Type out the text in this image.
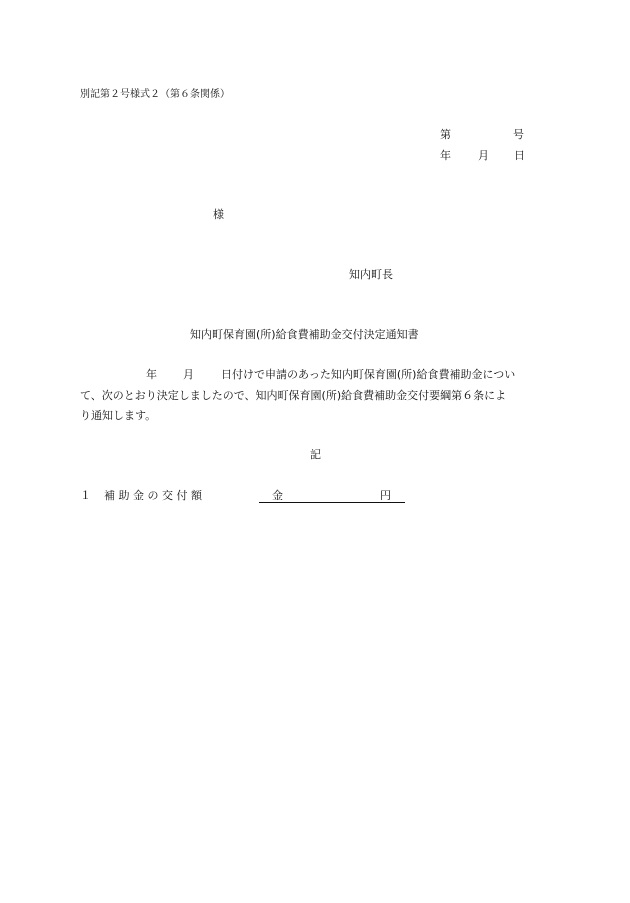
別記第２号様式２（第６条関係）
第	号
年 月 日
様
知内町長
知内町保育園(所)給食費補助金交付決定通知書
年 月 日付けで申請のあった知内町保育園(所)給食費補助金につい
て、次のとおり決定しましたので、知内町保育園(所)給食費補助金交付要綱第６条によ
り通知します。
記
１ 補 助 金 の 交 付 額	金	円
